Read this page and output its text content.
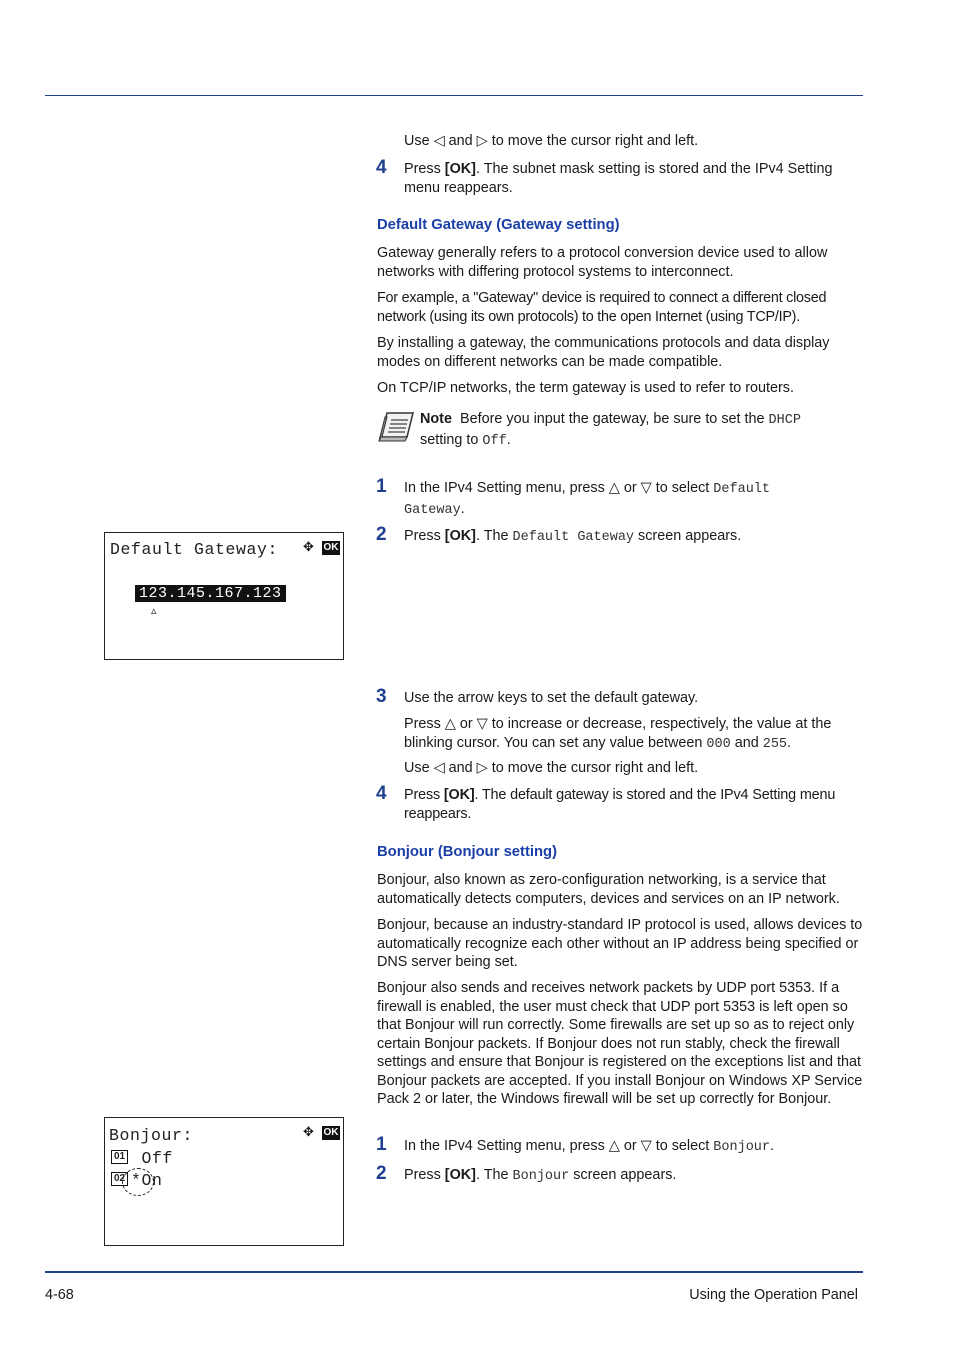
Use ◁ and ▷ to move the cursor right and left.

4 Press [OK]. The subnet mask setting is stored and the IPv4 Setting menu reappears.

Default Gateway (Gateway setting)

Gateway generally refers to a protocol conversion device used to allow networks with differing protocol systems to interconnect.

For example, a "Gateway" device is required to connect a different closed network (using its own protocols) to the open Internet (using TCP/IP).

By installing a gateway, the communications protocols and data display modes on different networks can be made compatible.

On TCP/IP networks, the term gateway is used to refer to routers.

Note Before you input the gateway, be sure to set the DHCP
setting to Off.

1 In the IPv4 Setting menu, press △ or ▽ to select Default Gateway.

2 Press [OK]. The Default Gateway screen appears.

Default Gateway: ✥ OK
123.145.167.123
▵
3 Use the arrow keys to set the default gateway.

Press △ or ▽ to increase or decrease, respectively, the value at the blinking cursor. You can set any value between 000 and 255.

Use ◁ and ▷ to move the cursor right and left.

4 Press [OK]. The default gateway is stored and the IPv4 Setting menu reappears.

Bonjour (Bonjour setting)

Bonjour, also known as zero-configuration networking, is a service that automatically detects computers, devices and services on an IP network.

Bonjour, because an industry-standard IP protocol is used, allows devices to automatically recognize each other without an IP address being specified or DNS server being set.

Bonjour also sends and receives network packets by UDP port 5353. If a firewall is enabled, the user must check that UDP port 5353 is left open so that Bonjour will run correctly. Some firewalls are set up so as to reject only certain Bonjour packets. If Bonjour does not run stably, check the firewall settings and ensure that Bonjour is registered on the exceptions list and that Bonjour packets are accepted. If you install Bonjour on Windows XP Service Pack 2 or later, the Windows firewall will be set up correctly for Bonjour.

Bonjour:	✥ OK
01 Off
02 *On
1 In the IPv4 Setting menu, press △ or ▽ to select Bonjour.

2 Press [OK]. The Bonjour screen appears.

4-68	Using the Operation Panel
